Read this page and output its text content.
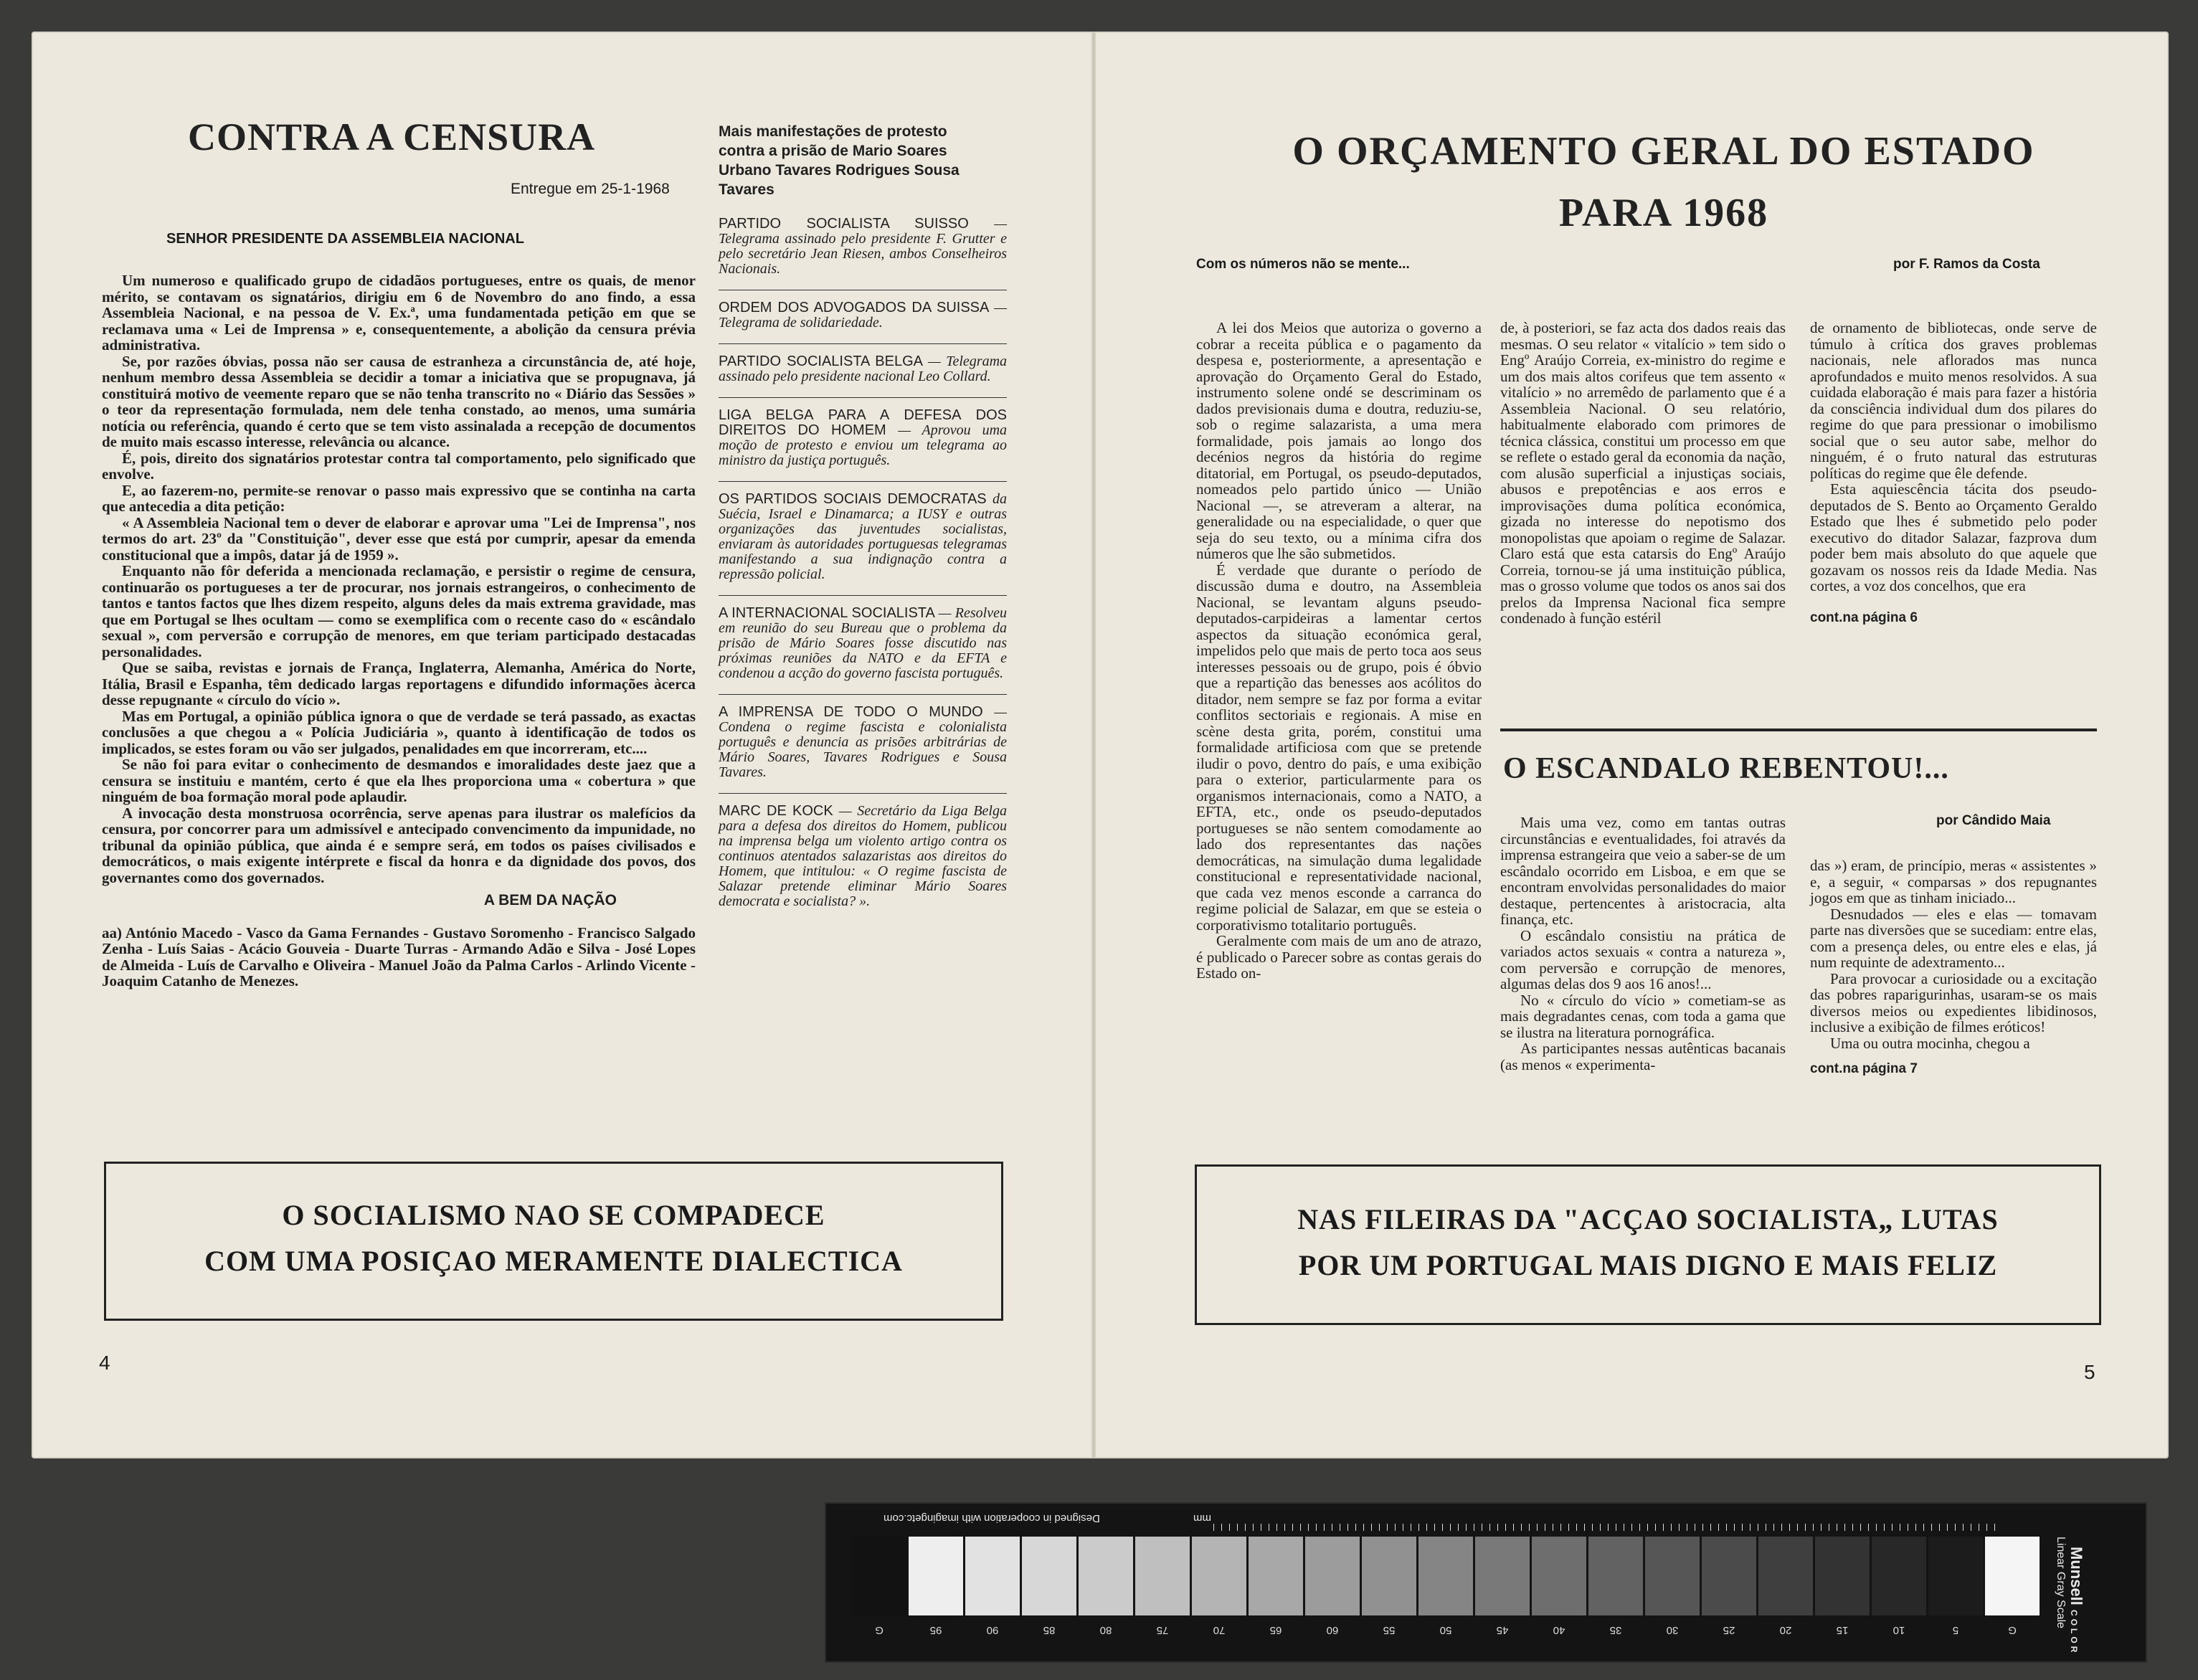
CONTRA A CENSURA
Entregue em 25-1-1968
SENHOR PRESIDENTE DA ASSEMBLEIA NACIONAL

Um numeroso e qualificado grupo de cidadãos portugueses, entre os quais, de menor mérito, se contavam os signatários, dirigiu em 6 de Novembro do ano findo, a essa Assembleia Nacional, e na pessoa de V. Ex.ª, uma fundamentada petição em que se reclamava uma « Lei de Imprensa » e, consequentemente, a abolição da censura prévia administrativa.

Se, por razões óbvias, possa não ser causa de estranheza a circunstância de, até hoje, nenhum membro dessa Assembleia se decidir a tomar a iniciativa que se propugnava, já constituirá motivo de veemente reparo que se não tenha transcrito no « Diário das Sessões » o teor da representação formulada, nem dele tenha constado, ao menos, uma sumária notícia ou referência, quando é certo que se tem visto assinalada a recepção de documentos de muito mais escasso interesse, relevância ou alcance.

É, pois, direito dos signatários protestar contra tal comportamento, pelo significado que envolve.

E, ao fazerem-no, permite-se renovar o passo mais expressivo que se continha na carta que antecedia a dita petição:

« A Assembleia Nacional tem o dever de elaborar e aprovar uma "Lei de Imprensa", nos termos do art. 23º da "Constituição", dever esse que está por cumprir, apesar da emenda constitucional que a impôs, datar já de 1959 ».

Enquanto não fôr deferida a mencionada reclamação, e persistir o regime de censura, continuarão os portugueses a ter de procurar, nos jornais estrangeiros, o conhecimento de tantos e tantos factos que lhes dizem respeito, alguns deles da mais extrema gravidade, mas que em Portugal se lhes ocultam — como se exemplifica com o recente caso do « escândalo sexual », com perversão e corrupção de menores, em que teriam participado destacadas personalidades.

Que se saiba, revistas e jornais de França, Inglaterra, Alemanha, América do Norte, Itália, Brasil e Espanha, têm dedicado largas reportagens e difundido informações àcerca desse repugnante « círculo do vício ».

Mas em Portugal, a opinião pública ignora o que de verdade se terá passado, as exactas conclusões a que chegou a « Polícia Judiciária », quanto à identificação de todos os implicados, se estes foram ou vão ser julgados, penalidades em que incorreram, etc....

Se não foi para evitar o conhecimento de desmandos e imoralidades deste jaez que a censura se instituiu e mantém, certo é que ela lhes proporciona uma « cobertura » que ninguém de boa formação moral pode aplaudir.

A invocação desta monstruosa ocorrência, serve apenas para ilustrar os malefícios da censura, por concorrer para um admissível e antecipado convencimento da impunidade, no tribunal da opinião pública, que ainda é e sempre será, em todos os países civilisados e democráticos, o mais exigente intérprete e fiscal da honra e da dignidade dos povos, dos governantes como dos governados.

A BEM DA NAÇÃO

aa) António Macedo - Vasco da Gama Fernandes - Gustavo Soromenho - Francisco Salgado Zenha - Luís Saias - Acácio Gouveia - Duarte Turras - Armando Adão e Silva - José Lopes de Almeida - Luís de Carvalho e Oliveira - Manuel João da Palma Carlos - Arlindo Vicente - Joaquim Catanho de Menezes.

Mais manifestações de protesto contra a prisão de Mario Soares Urbano Tavares Rodrigues Sousa Tavares
PARTIDO SOCIALISTA SUISSO — Telegrama assinado pelo presidente F. Grutter e pelo secretário Jean Riesen, ambos Conselheiros Nacionais.
ORDEM DOS ADVOGADOS DA SUISSA — Telegrama de solidariedade.
PARTIDO SOCIALISTA BELGA — Telegrama assinado pelo presidente nacional Leo Collard.
LIGA BELGA PARA A DEFESA DOS DIREITOS DO HOMEM — Aprovou uma moção de protesto e enviou um telegrama ao ministro da justiça português.
OS PARTIDOS SOCIAIS DEMOCRATAS da Suécia, Israel e Dinamarca; a IUSY e outras organizações das juventudes socialistas, enviaram às autoridades portuguesas telegramas manifestando a sua indignação contra a repressão policial.
A INTERNACIONAL SOCIALISTA — Resolveu em reunião do seu Bureau que o problema da prisão de Mário Soares fosse discutido nas próximas reuniões da NATO e da EFTA e condenou a acção do governo fascista português.
A IMPRENSA DE TODO O MUNDO — Condena o regime fascista e colonialista português e denuncia as prisões arbitrárias de Mário Soares, Tavares Rodrigues e Sousa Tavares.
MARC DE KOCK — Secretário da Liga Belga para a defesa dos direitos do Homem, publicou na imprensa belga um violento artigo contra os continuos atentados salazaristas aos direitos do Homem, que intitulou: « O regime fascista de Salazar pretende eliminar Mário Soares democrata e socialista? ».
O SOCIALISMO NAO SE COMPADECE
COM UMA POSIÇAO MERAMENTE DIALECTICA
4
O ORÇAMENTO GERAL DO ESTADO
PARA 1968
Com os números não se mente...	por F. Ramos da Costa

A lei dos Meios que autoriza o governo a cobrar a receita pública e o pagamento da despesa e, posteriormente, a apresentação e aprovação do Orçamento Geral do Estado, instrumento solene ondé se descriminam os dados previsionais duma e doutra, reduziu-se, sob o regime salazarista, a uma mera formalidade, pois jamais ao longo dos decénios negros da história do regime ditatorial, em Portugal, os pseudo-deputados, nomeados pelo partido único — União Nacional —, se atreveram a alterar, na generalidade ou na especialidade, o quer que seja do seu texto, ou a mínima cifra dos números que lhe são submetidos.

É verdade que durante o período de discussão duma e doutro, na Assembleia Nacional, se levantam alguns pseudo-deputados-carpideiras a lamentar certos aspectos da situação económica geral, impelidos pelo que mais de perto toca aos seus interesses pessoais ou de grupo, pois é óbvio que a repartição das benesses aos acólitos do ditador, nem sempre se faz por forma a evitar conflitos sectoriais e regionais. A mise en scène desta grita, porém, constitui uma formalidade artificiosa com que se pretende iludir o povo, dentro do país, e uma exibição para o exterior, particularmente para os organismos internacionais, como a NATO, a EFTA, etc., onde os pseudo-deputados portugueses se não sentem comodamente ao lado dos representantes das nações democráticas, na simulação duma legalidade constitucional e representatividade nacional, que cada vez menos esconde a carranca do regime policial de Salazar, em que se esteia o corporativismo totalitario português.

Geralmente com mais de um ano de atrazo, é publicado o Parecer sobre as contas gerais do Estado on-

de, à posteriori, se faz acta dos dados reais das mesmas. O seu relator « vitalício » tem sido o Engº Araújo Correia, ex-ministro do regime e um dos mais altos corifeus que tem assento « vitalício » no arremêdo de parlamento que é a Assembleia Nacional. O seu relatório, habitualmente elaborado com primores de técnica clássica, constitui um processo em que se reflete o estado geral da economia da nação, com alusão superficial a injustiças sociais, abusos e prepotências e aos erros e improvisações duma política económica, gizada no interesse do nepotismo dos monopolistas que apoiam o regime de Salazar. Claro está que esta catarsis do Engº Araújo Correia, tornou-se já uma instituição pública, mas o grosso volume que todos os anos sai dos prelos da Imprensa Nacional fica sempre condenado à função estéril

de ornamento de bibliotecas, onde serve de túmulo à crítica dos graves problemas nacionais, nele aflorados mas nunca aprofundados e muito menos resolvidos. A sua cuidada elaboração é mais para fazer a história da consciência individual dum dos pilares do regime do que para pressionar o imobilismo social que o seu autor sabe, melhor do ninguém, é o fruto natural das estruturas políticas do regime que êle defende.

Esta aquiescência tácita dos pseudo-deputados de S. Bento ao Orçamento Geraldo Estado que lhes é submetido pelo poder executivo do ditador Salazar, fazprova dum poder bem mais absoluto do que aquele que gozavam os nossos reis da Idade Media. Nas cortes, a voz dos concelhos, que era

cont.na página 6
O ESCANDALO REBENTOU!...
por Cândido Maia

Mais uma vez, como em tantas outras circunstâncias e eventualidades, foi através da imprensa estrangeira que veio a saber-se de um escândalo ocorrido em Lisboa, e em que se encontram envolvidas personalidades do maior destaque, pertencentes à aristocracia, alta finança, etc.

O escândalo consistiu na prática de variados actos sexuais « contra a natureza », com perversão e corrupção de menores, algumas delas dos 9 aos 16 anos!...

No « círculo do vício » cometiam-se as mais degradantes cenas, com toda a gama que se ilustra na literatura pornográfica.

As participantes nessas autênticas bacanais (as menos « experimenta-

das ») eram, de princípio, meras « assistentes » e, a seguir, « comparsas » dos repugnantes jogos em que as tinham iniciado...

Desnudados — eles e elas — tomavam parte nas diversões que se sucediam: entre elas, com a presença deles, ou entre eles e elas, já num requinte de adextramento...

Para provocar a curiosidade ou a excitação das pobres raparigurinhas, usaram-se os mais diversos meios ou expedientes libidinosos, inclusive a exibição de filmes eróticos!

Uma ou outra mocinha, chegou a

cont.na página 7
NAS FILEIRAS DA "ACÇAO SOCIALISTA„ LUTAS
POR UM PORTUGAL MAIS DIGNO E MAIS FELIZ
5
Designed in cooperation with imagingetc.com	mm
G	95	90	85	80	75	70	65	60	55	50	45	40	35	30	25	20	15	10	5	G
Munsell COLOR
Linear Gray Scale
